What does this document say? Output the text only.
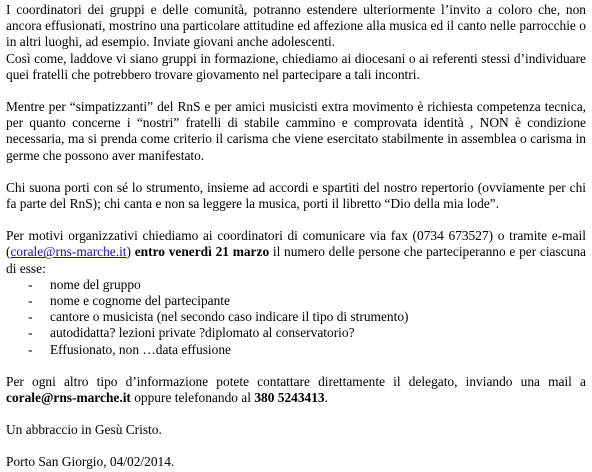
I coordinatori dei gruppi e delle comunità, potranno estendere ulteriormente l’invito a coloro che, non ancora effusionati, mostrino una particolare attitudine ed affezione alla musica ed il canto nelle parrocchie o in altri luoghi, ad esempio. Inviate giovani anche adolescenti.

Così come, laddove vi siano gruppi in formazione, chiediamo ai diocesani o ai referenti stessi d’individuare quei fratelli che potrebbero trovare giovamento nel partecipare a tali incontri.

Mentre per “simpatizzanti” del RnS e per amici musicisti extra movimento è richiesta competenza tecnica, per quanto concerne i “nostri” fratelli di stabile cammino e comprovata identità , NON è condizione necessaria, ma si prenda come criterio il carisma che viene esercitato stabilmente in assemblea o carisma in germe che possono aver manifestato.

Chi suona porti con sé lo strumento, insieme ad accordi e spartiti del nostro repertorio (ovviamente per chi fa parte del RnS); chi canta e non sa leggere la musica, porti il libretto “Dio della mia lode”.

Per motivi organizzativi chiediamo ai coordinatori di comunicare via fax (0734 673527) o tramite e-mail (corale@rns-marche.it) entro venerdì 21 marzo il numero delle persone che parteciperanno e per ciascuna di esse:

- nome del gruppo
- nome e cognome del partecipante
- cantore o musicista (nel secondo caso indicare il tipo di strumento)
- autodidatta? lezioni private ?diplomato al conservatorio?
- Effusionato, non …data effusione

Per ogni altro tipo d’informazione potete contattare direttamente il delegato, inviando una mail a corale@rns-marche.it oppure telefonando al 380 5243413.

Un abbraccio in Gesù Cristo.

Porto San Giorgio, 04/02/2014.
